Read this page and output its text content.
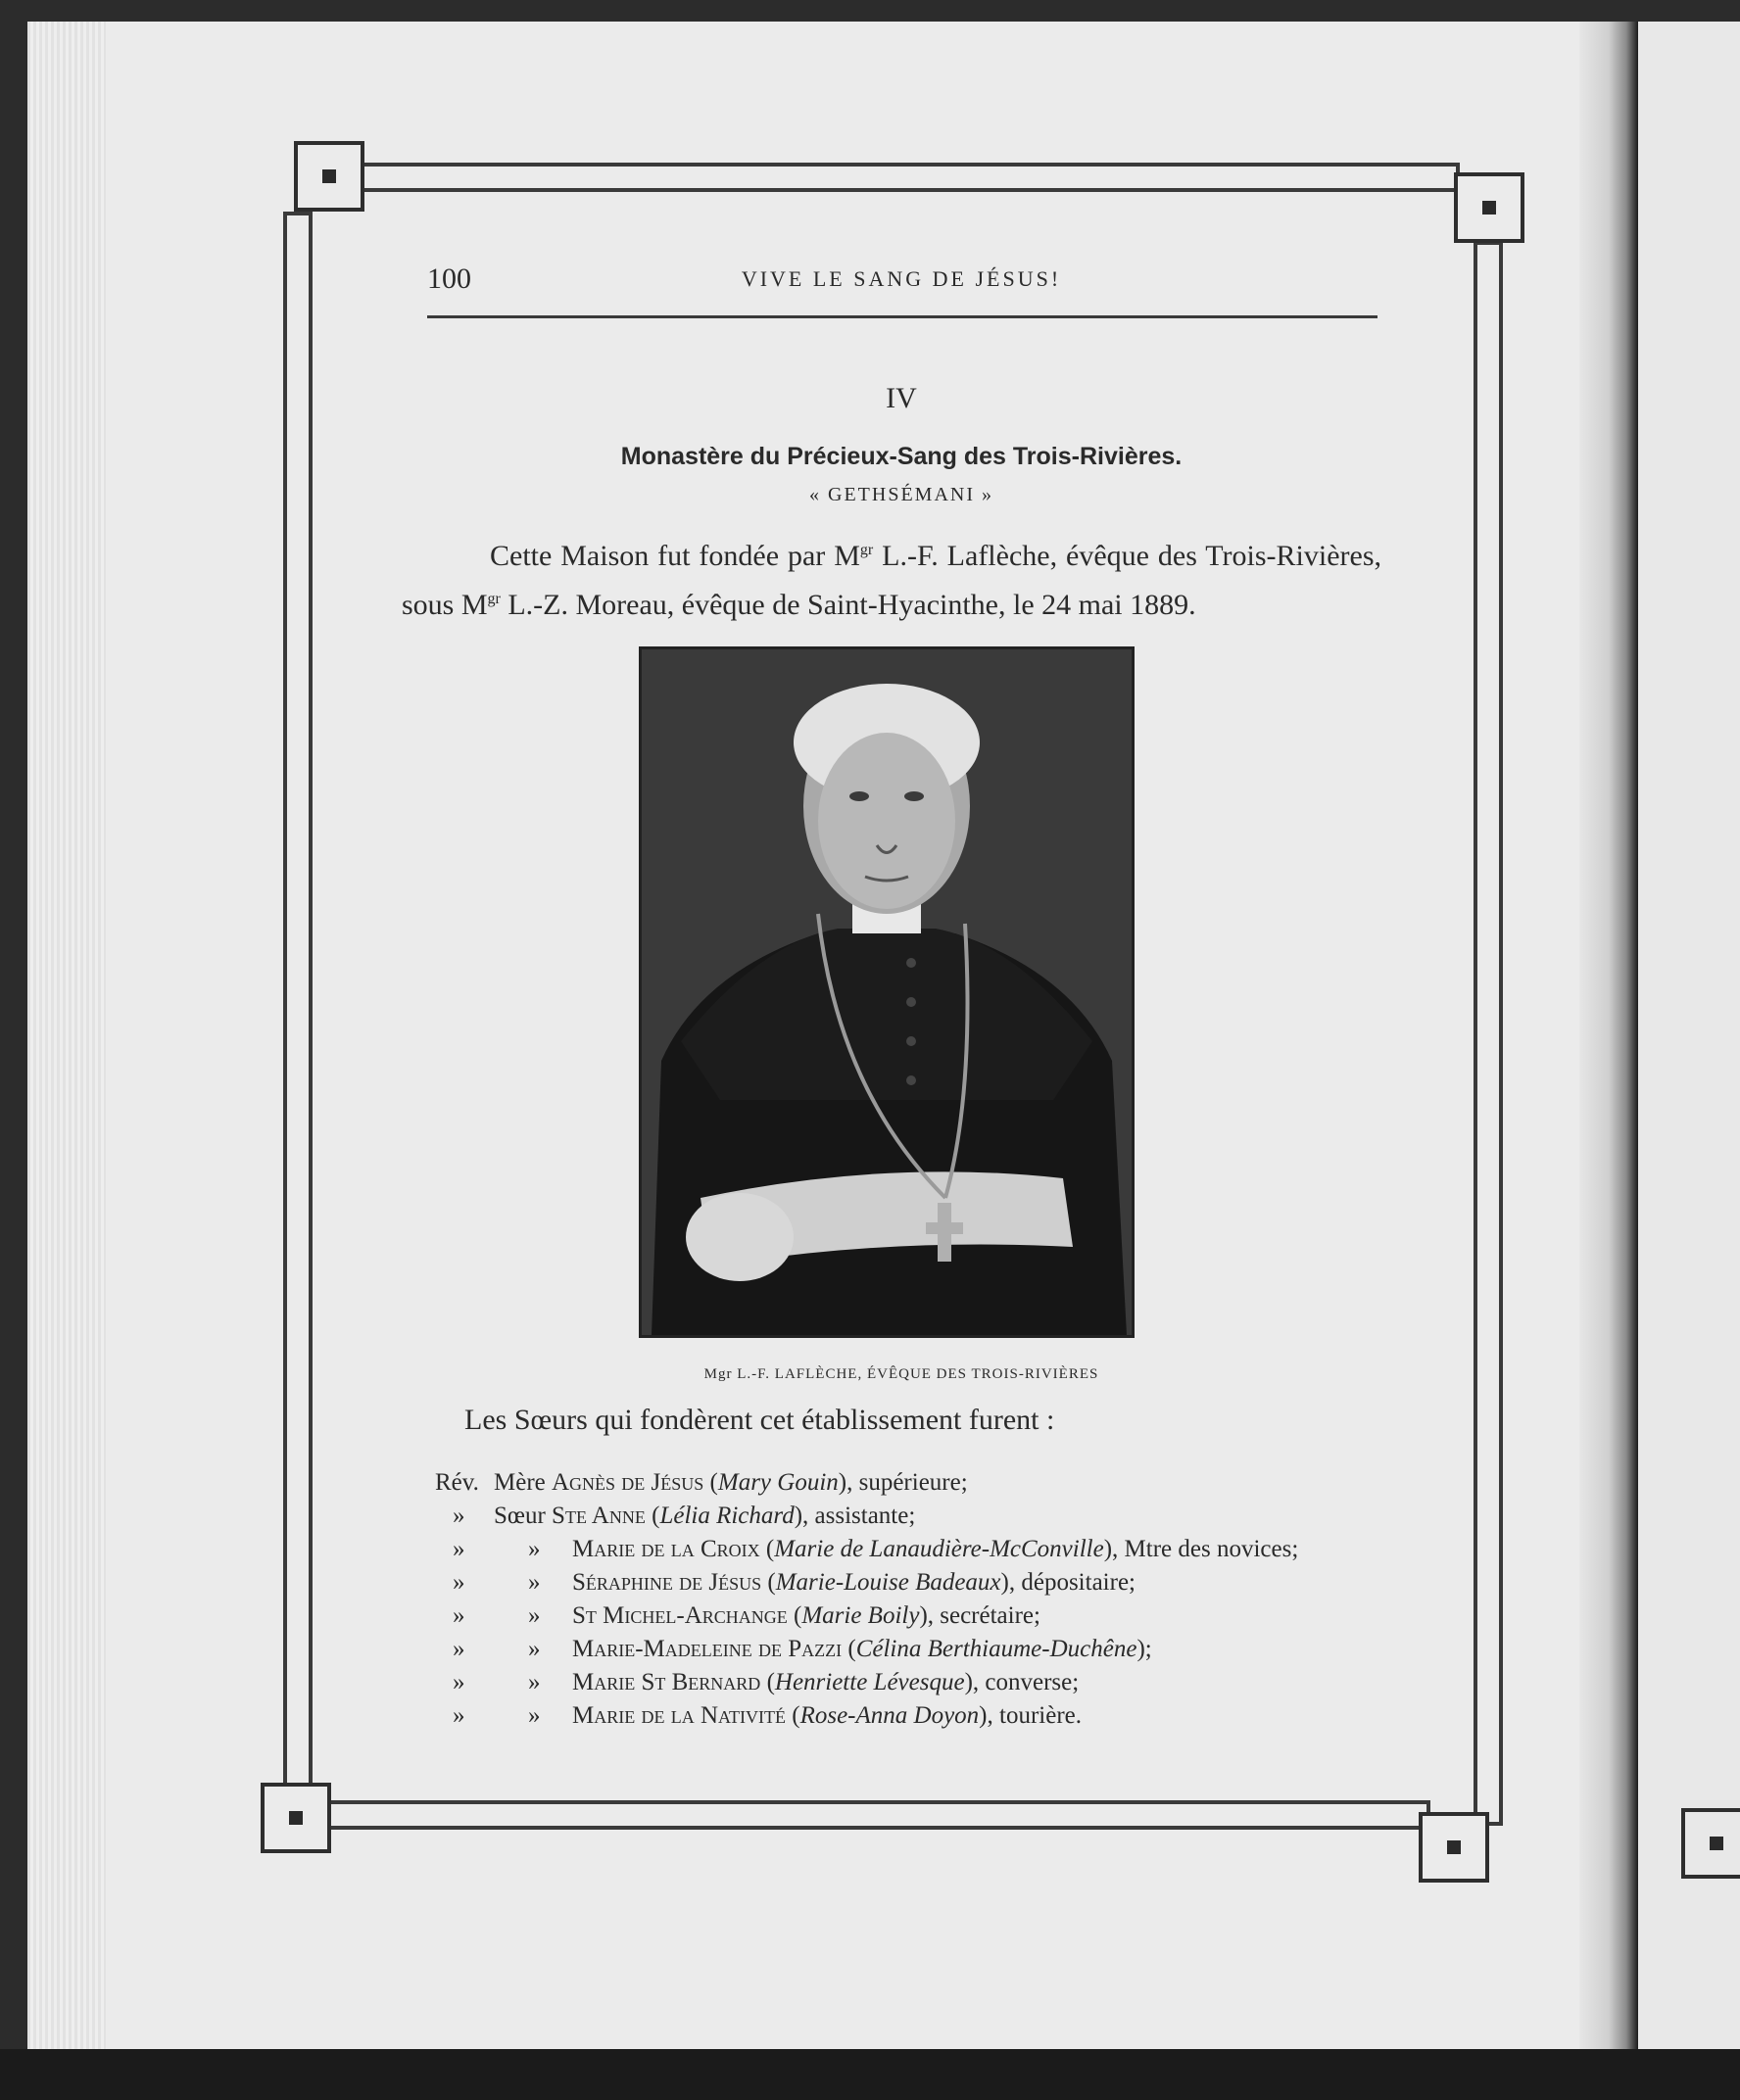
100	VIVE LE SANG DE JÉSUS!
IV
Monastère du Précieux-Sang des Trois-Rivières.
« GETHSÉMANI »
Cette Maison fut fondée par $M^{gr}$ L.-F. Laflèche, évêque des Trois-Rivières, sous $M^{gr}$ L.-Z. Moreau, évêque de Saint-Hyacinthe, le 24 mai 1889.
Mgr L.-F. LAFLÈCHE, ÉVÊQUE DES TROIS-RIVIÈRES
Les Sœurs qui fondèrent cet établissement furent :
Rév. Mère Agnès de Jésus (Mary Gouin), supérieure;
» Sœur Ste Anne (Lélia Richard), assistante;
»	» Marie de la Croix (Marie de Lanaudière-McConville), Mtre des novices;
»	» Séraphine de Jésus (Marie-Louise Badeaux), dépositaire;
»	» St Michel-Archange (Marie Boily), secrétaire;
»	» Marie-Madeleine de Pazzi (Célina Berthiaume-Duchêne);
»	» Marie St Bernard (Henriette Lévesque), converse;
»	» Marie de la Nativité (Rose-Anna Doyon), tourière.
